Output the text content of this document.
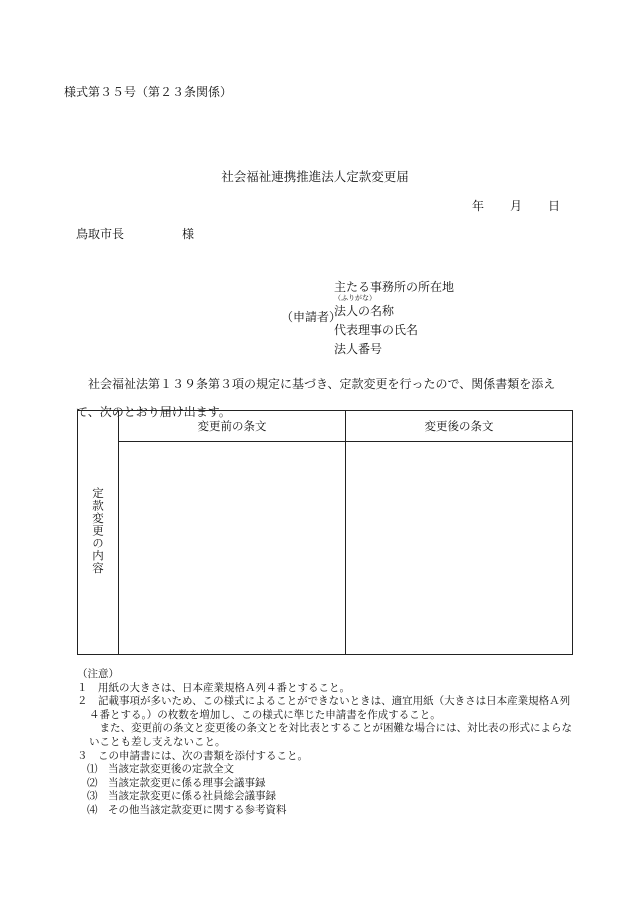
様式第３５号（第２３条関係）

社会福祉連携推進法人定款変更届

年 月 日

鳥取市長	様

（申請者）

主たる事務所の所在地
（ふりがな）
法人の名称
代表理事の氏名
法人番号

社会福祉法第１３９条第３項の規定に基づき、定款変更を行ったので、関係書類を添えて、次のとおり届け出ます。

定款変更の内容	変更前の条文	変更後の条文

（注意）
１　用紙の大きさは、日本産業規格Ａ列４番とすること。
２　記載事項が多いため、この様式によることができないときは、適宜用紙（大きさは日本産業規格Ａ列４番とする。）の枚数を増加し、この様式に準じた申請書を作成すること。
また、変更前の条文と変更後の条文とを対比表とすることが困難な場合には、対比表の形式によらないことも差し支えないこと。
３　この申請書には、次の書類を添付すること。
⑴　当該定款変更後の定款全文
⑵　当該定款変更に係る理事会議事録
⑶　当該定款変更に係る社員総会議事録
⑷　その他当該定款変更に関する参考資料
